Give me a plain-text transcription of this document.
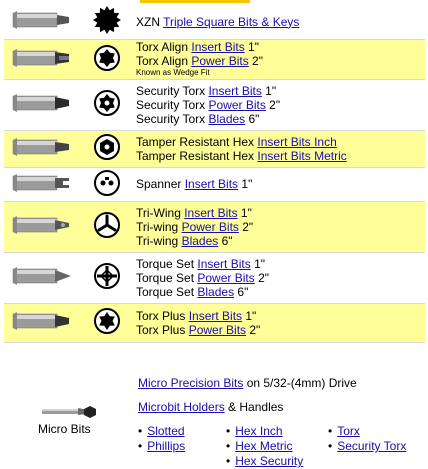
XZN Triple Square Bits & Keys

Torx Align Insert Bits 1"
Torx Align Power Bits 2"
Known as Wedge Fit

Security Torx Insert Bits 1"
Security Torx Power Bits 2"
Security Torx Blades 6"

Tamper Resistant Hex Insert Bits Inch
Tamper Resistant Hex Insert Bits Metric

Spanner Insert Bits 1"

Tri-Wing Insert Bits 1"
Tri-wing Power Bits 2"
Tri-wing Blades 6"

Torque Set Insert Bits 1"
Torque Set Power Bits 2"
Torque Set Blades 6"

Torx Plus Insert Bits 1"
Torx Plus Power Bits 2"
Micro Bits
Micro Precision Bits on 5/32-(4mm) Drive
Microbit Holders & Handles
• Slotted
• Phillips
• Hex Inch
• Hex Metric
• Hex Security
• Torx
• Security Torx
